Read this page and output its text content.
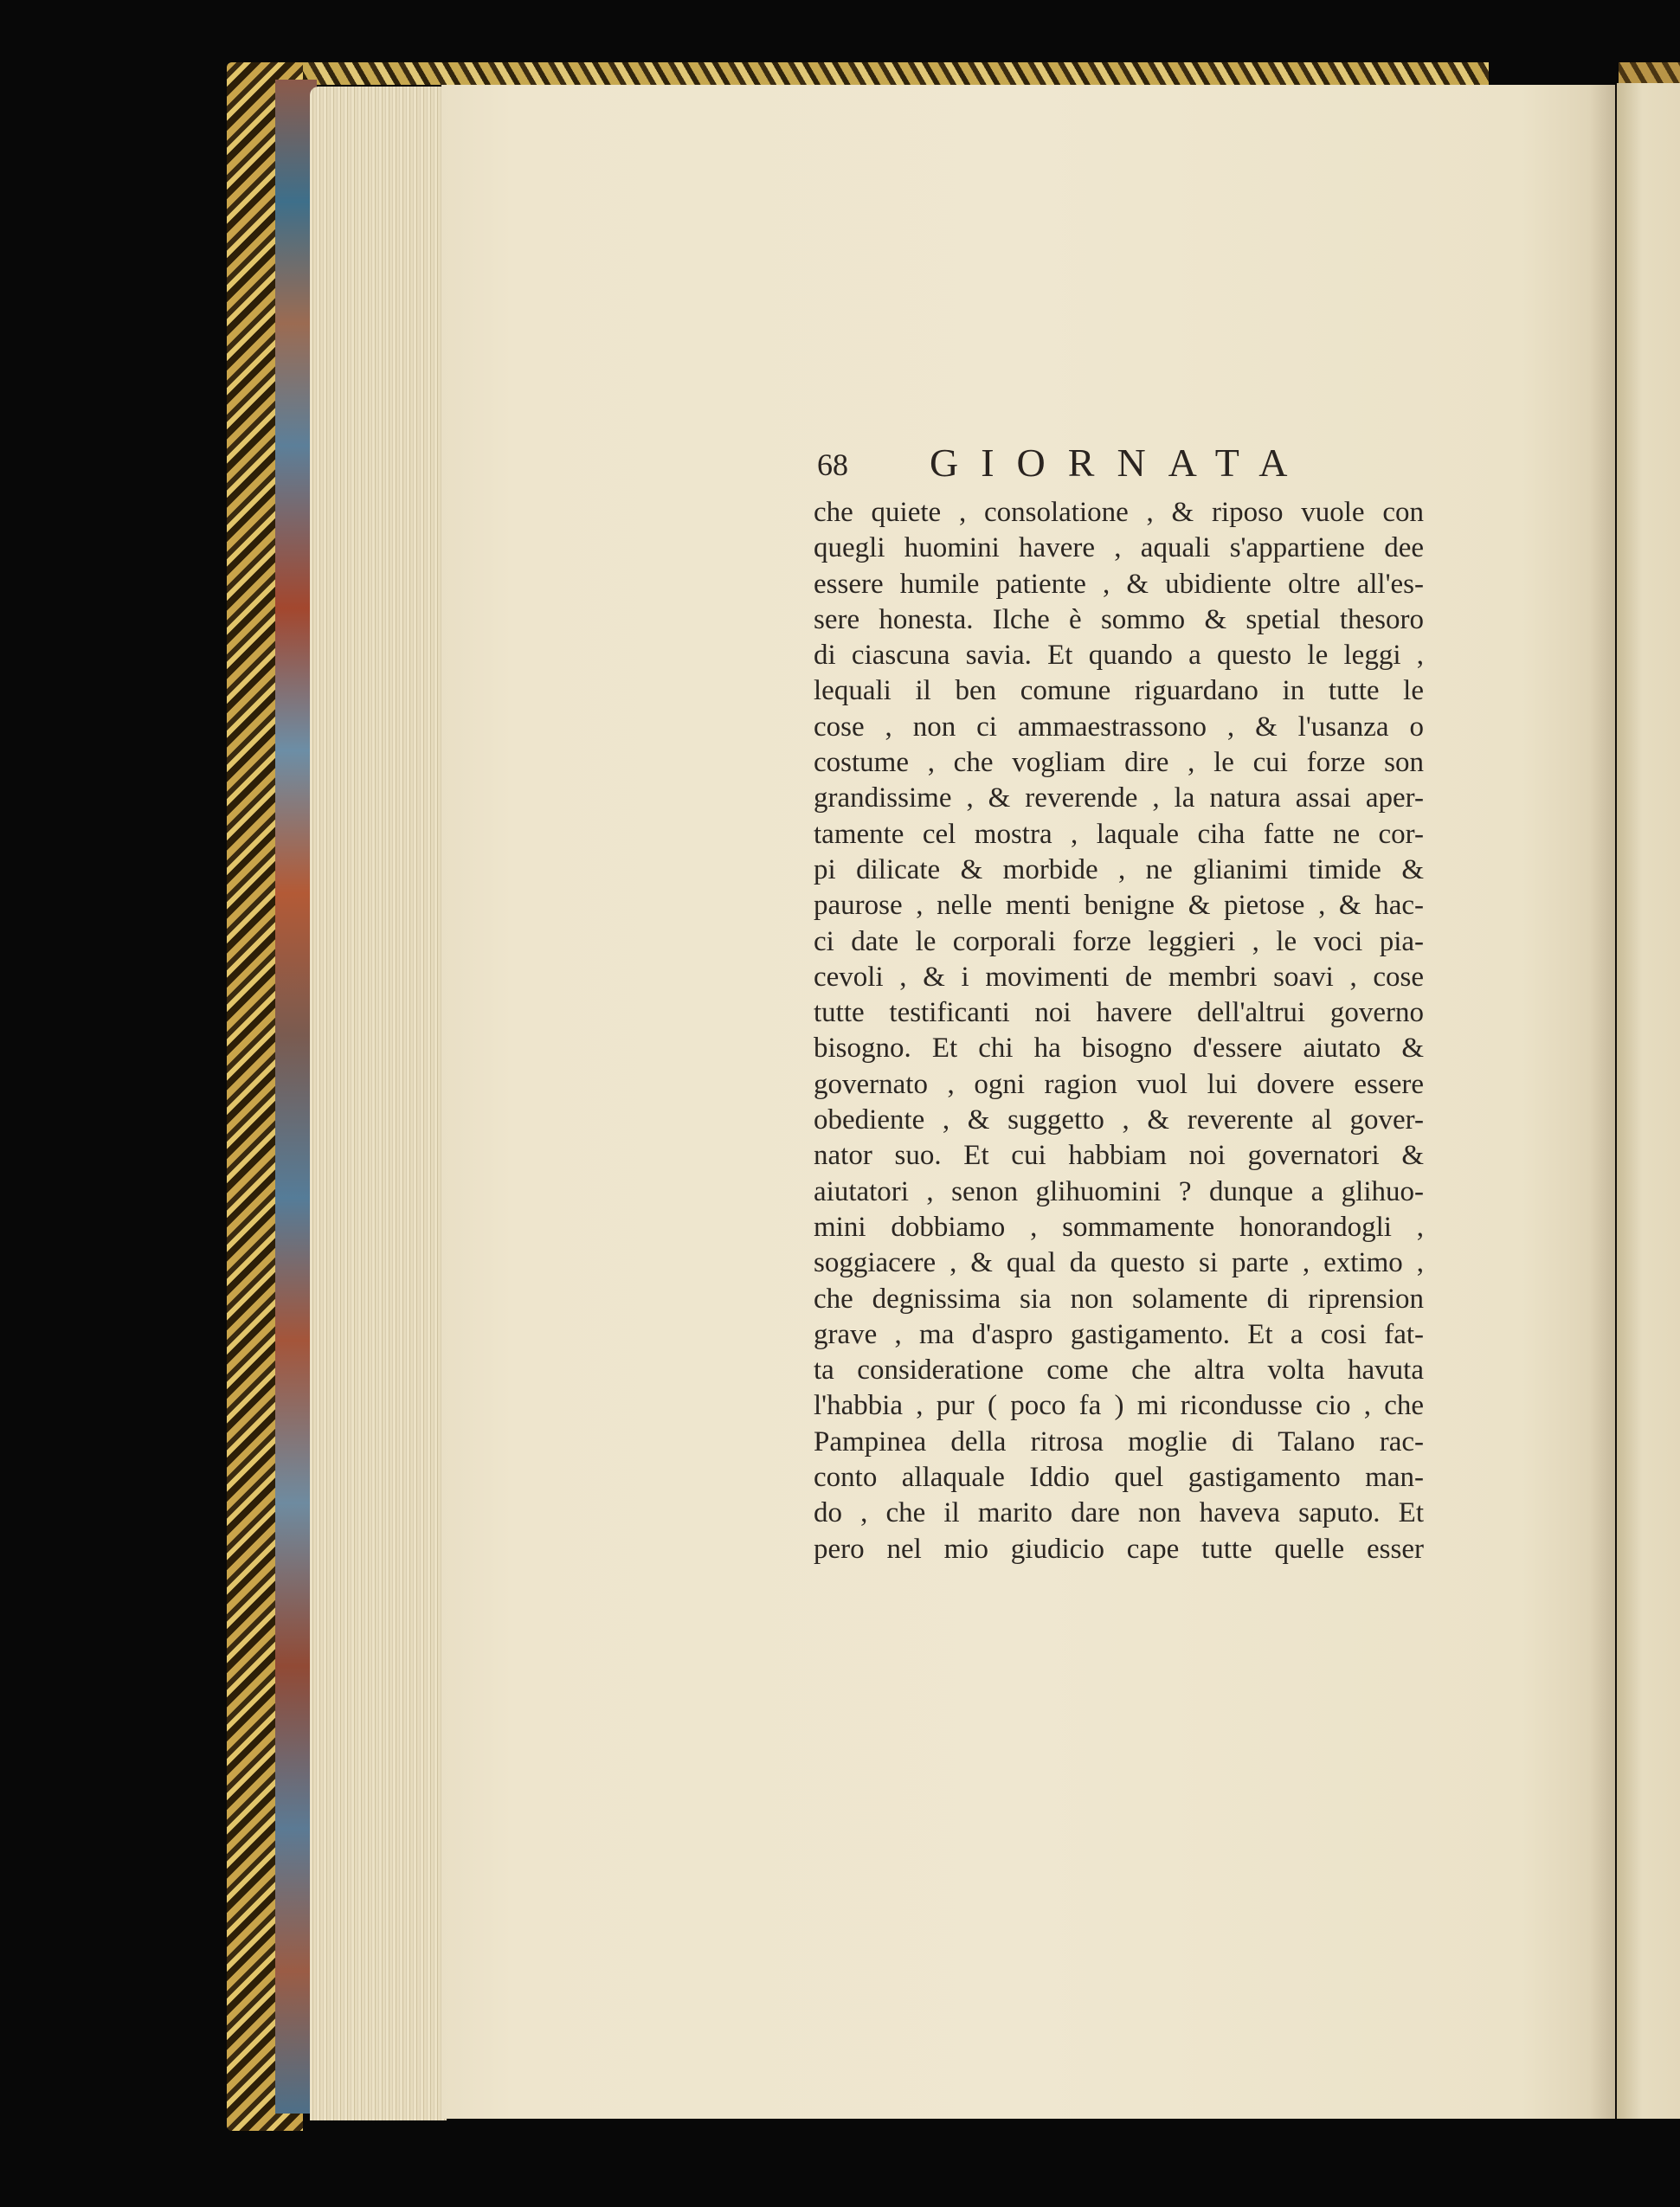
68 GIORNATA
che quiete , consolatione , & riposo vuole con
quegli huomini havere , aquali s'appartiene dee
essere humile patiente , & ubidiente oltre all'es-
sere honesta. Ilche è sommo & spetial thesoro
di ciascuna savia. Et quando a questo le leggi ,
lequali il ben comune riguardano in tutte le
cose , non ci ammaestrassono , & l'usanza o
costume , che vogliam dire , le cui forze son
grandissime , & reverende , la natura assai aper-
tamente cel mostra , laquale ciha fatte ne cor-
pi dilicate & morbide , ne glianimi timide &
paurose , nelle menti benigne & pietose , & hac-
ci date le corporali forze leggieri , le voci pia-
cevoli , & i movimenti de membri soavi , cose
tutte testificanti noi havere dell'altrui governo
bisogno. Et chi ha bisogno d'essere aiutato &
governato , ogni ragion vuol lui dovere essere
obediente , & suggetto , & reverente al gover-
nator suo. Et cui habbiam noi governatori &
aiutatori , senon glihuomini ? dunque a glihuo-
mini dobbiamo , sommamente honorandogli ,
soggiacere , & qual da questo si parte , extimo ,
che degnissima sia non solamente di riprension
grave , ma d'aspro gastigamento. Et a cosi fat-
ta consideratione come che altra volta havuta
l'habbia , pur ( poco fa ) mi ricondusse cio , che
Pampinea della ritrosa moglie di Talano rac-
conto allaquale Iddio quel gastigamento man-
do , che il marito dare non haveva saputo. Et
pero nel mio giudicio cape tutte quelle esser
